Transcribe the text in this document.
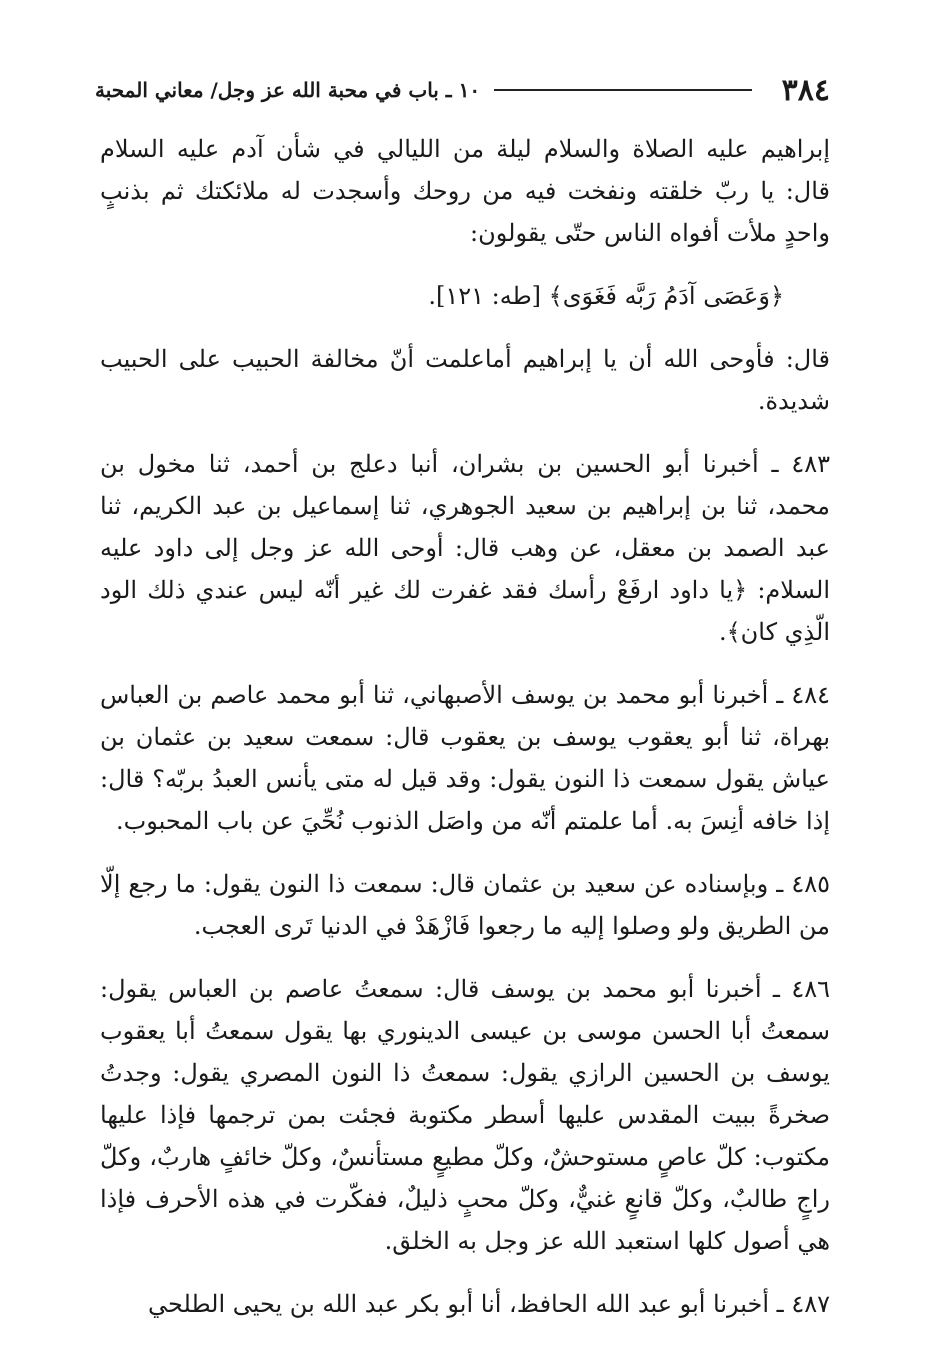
٣٨٤
١٠ ـ باب في محبة الله عز وجل/ معاني المحبة

إبراهيم عليه الصلاة والسلام ليلة من الليالي في شأن آدم عليه السلام قال: يا ربّ خلقته ونفخت فيه من روحك وأسجدت له ملائكتك ثم بذنبٍ واحدٍ ملأت أفواه الناس حتّى يقولون:

﴿وَعَصَى آدَمُ رَبَّه فَغَوَى﴾ [طه: ١٢١].

قال: فأوحى الله أن يا إبراهيم أماعلمت أنّ مخالفة الحبيب على الحبيب شديدة.

٤٨٣ ـ أخبرنا أبو الحسين بن بشران، أنبا دعلج بن أحمد، ثنا مخول بن محمد، ثنا بن إبراهيم بن سعيد الجوهري، ثنا إسماعيل بن عبد الكريم، ثنا عبد الصمد بن معقل، عن وهب قال: أوحى الله عز وجل إلى داود عليه السلام: ﴿يا داود ارفَعْ رأسك فقد غفرت لك غير أنّه ليس عندي ذلك الود الّذِي كان﴾.

٤٨٤ ـ أخبرنا أبو محمد بن يوسف الأصبهاني، ثنا أبو محمد عاصم بن العباس بهراة، ثنا أبو يعقوب يوسف بن يعقوب قال: سمعت سعيد بن عثمان بن عياش يقول سمعت ذا النون يقول: وقد قيل له متى يأنس العبدُ بربّه؟ قال: إذا خافه أنِسَ به. أما علمتم أنّه من واصَل الذنوب نُحِّيَ عن باب المحبوب.

٤٨٥ ـ وبإسناده عن سعيد بن عثمان قال: سمعت ذا النون يقول: ما رجع إلّا من الطريق ولو وصلوا إليه ما رجعوا فَازْهَدْ في الدنيا تَرى العجب.

٤٨٦ ـ أخبرنا أبو محمد بن يوسف قال: سمعتُ عاصم بن العباس يقول: سمعتُ أبا الحسن موسى بن عيسى الدينوري بها يقول سمعتُ أبا يعقوب يوسف بن الحسين الرازي يقول: سمعتُ ذا النون المصري يقول: وجدتُ صخرةً ببيت المقدس عليها أسطر مكتوبة فجئت بمن ترجمها فإذا عليها مكتوب: كلّ عاصٍ مستوحشٌ، وكلّ مطيعٍ مستأنسٌ، وكلّ خائفٍ هاربٌ، وكلّ راجٍ طالبٌ، وكلّ قانعٍ غنيٌّ، وكلّ محبٍ ذليلٌ، ففكّرت في هذه الأحرف فإذا هي أصول كلها استعبد الله عز وجل به الخلق.

٤٨٧ ـ أخبرنا أبو عبد الله الحافظ، أنا أبو بكر عبد الله بن يحيى الطلحي
